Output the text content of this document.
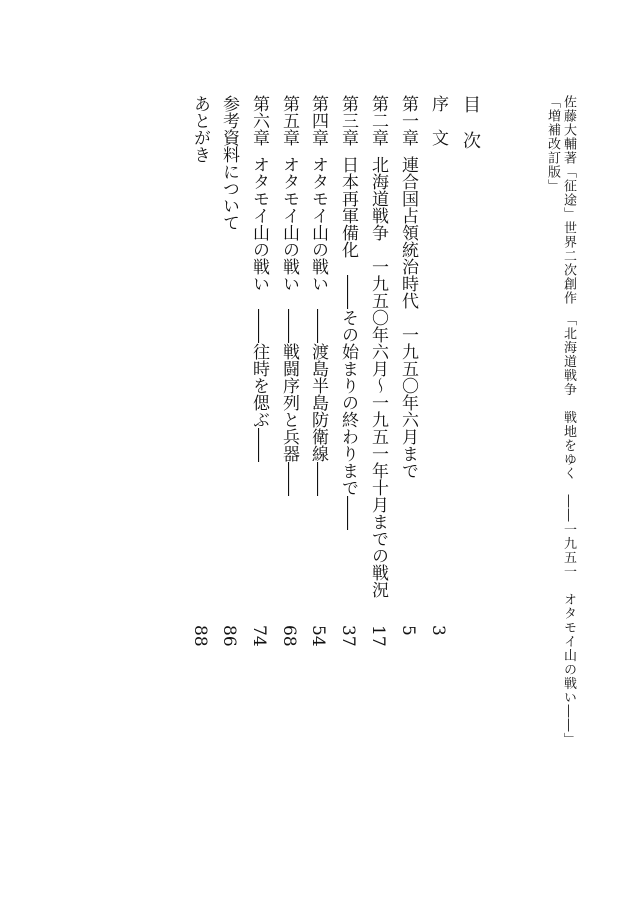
佐藤大輔著「征途」世界二次創作　「北海道戦争　戦地をゆく　――一九五一　オタモイ山の戦い――」
「増補改訂版」
目　次
序　文
3
第一章連合国占領統治時代　一九五〇年六月まで
5
第二章北海道戦争　一九五〇年六月～一九五一年十月までの戦況
17
第三章日本再軍備化　――その始まりの終わりまで――
37
第四章オタモイ山の戦い　――渡島半島防衛線――
54
第五章オタモイ山の戦い　――戦闘序列と兵器――
68
第六章オタモイ山の戦い　――往時を偲ぶ――
74
参考資料について
86
あとがき
88
